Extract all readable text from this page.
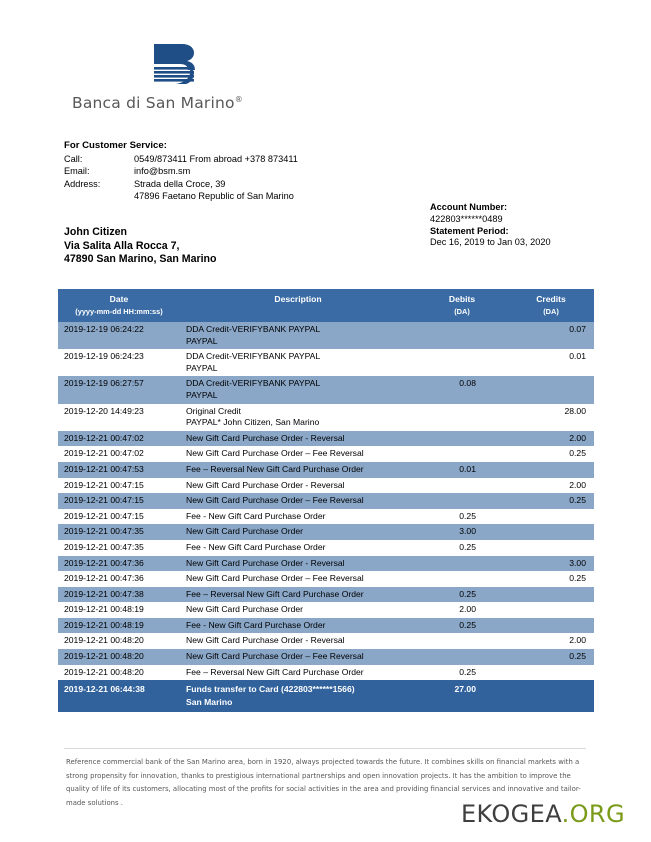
Banca di San Marino®
For Customer Service:
Call:	0549/873411 From abroad +378 873411
Email:	info@bsm.sm
Address:	Strada della Croce, 39
47896 Faetano Republic of San Marino
John Citizen
Via Salita Alla Rocca 7,
47890 San Marino, San Marino
Account Number:
422803******0489
Statement Period:
Dec 16, 2019 to Jan 03, 2020
Date
(yyyy-mm-dd HH:mm:ss)	Description	Debits
(DA)	Credits
(DA)

2019-12-19 06:24:22	DDA Credit-VERIFYBANK PAYPAL
PAYPAL		0.07
2019-12-19 06:24:23	DDA Credit-VERIFYBANK PAYPAL
PAYPAL		0.01
2019-12-19 06:27:57	DDA Credit-VERIFYBANK PAYPAL
PAYPAL	0.08	
2019-12-20 14:49:23	Original Credit
PAYPAL* John Citizen, San Marino		28.00
2019-12-21 00:47:02	New Gift Card Purchase Order - Reversal		2.00
2019-12-21 00:47:02	New Gift Card Purchase Order – Fee Reversal		0.25
2019-12-21 00:47:53	Fee – Reversal New Gift Card Purchase Order	0.01	
2019-12-21 00:47:15	New Gift Card Purchase Order - Reversal		2.00
2019-12-21 00:47:15	New Gift Card Purchase Order – Fee Reversal		0.25
2019-12-21 00:47:15	Fee - New Gift Card Purchase Order	0.25	
2019-12-21 00:47:35	New Gift Card Purchase Order	3.00	
2019-12-21 00:47:35	Fee - New Gift Card Purchase Order	0.25	
2019-12-21 00:47:36	New Gift Card Purchase Order - Reversal		3.00
2019-12-21 00:47:36	New Gift Card Purchase Order – Fee Reversal		0.25
2019-12-21 00:47:38	Fee – Reversal New Gift Card Purchase Order	0.25	
2019-12-21 00:48:19	New Gift Card Purchase Order	2.00	
2019-12-21 00:48:19	Fee - New Gift Card Purchase Order	0.25	
2019-12-21 00:48:20	New Gift Card Purchase Order - Reversal		2.00
2019-12-21 00:48:20	New Gift Card Purchase Order – Fee Reversal		0.25
2019-12-21 00:48:20	Fee – Reversal New Gift Card Purchase Order	0.25	
2019-12-21 06:44:38	Funds transfer to Card (422803******1566)
San Marino	27.00	
Reference commercial bank of the San Marino area, born in 1920, always projected towards the future. It combines skills on financial markets with a strong propensity for innovation, thanks to prestigious international partnerships and open innovation projects. It has the ambition to improve the quality of life of its customers, allocating most of the profits for social activities in the area and providing financial services and innovative and tailor-made solutions .	EKOGEA.ORG
